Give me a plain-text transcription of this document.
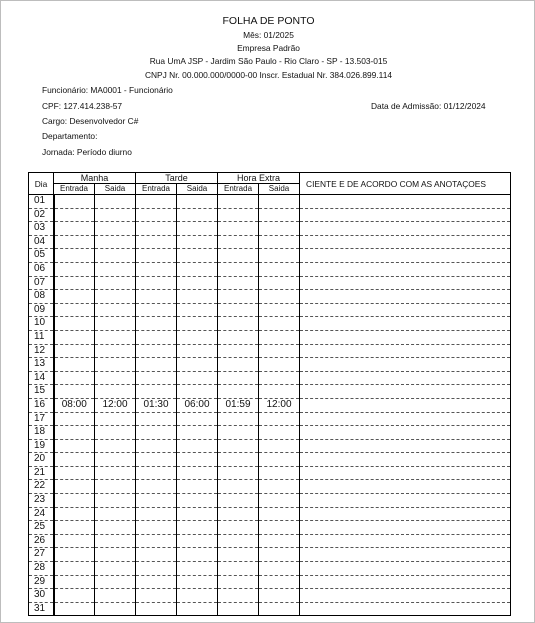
FOLHA DE PONTO
Mês: 01/2025
Empresa Padrão
Rua UmA JSP - Jardim São Paulo - Rio Claro - SP - 13.503-015
CNPJ Nr. 00.000.000/0000-00 Inscr. Estadual Nr. 384.026.899.114
Funcionário: MA0001 - Funcionário
CPF: 127.414.238-57	Data de Admissão: 01/12/2024
Cargo: Desenvolvedor C#
Departamento:
Jornada: Período diurno
Dia	Manha		Tarde		Hora Extra		CIENTE E DE ACORDO COM AS ANOTAÇOES
	Entrada	Saida	Entrada	Saida	Entrada	Saida	
01							
02							
03							
04							
05							
06							
07							
08							
09							
10							
11							
12							
13							
14							
15							
16	08:00	12:00	01:30	06:00	01:59	12:00	
17							
18							
19							
20							
21							
22							
23							
24							
25							
26							
27							
28							
29							
30							
31							
